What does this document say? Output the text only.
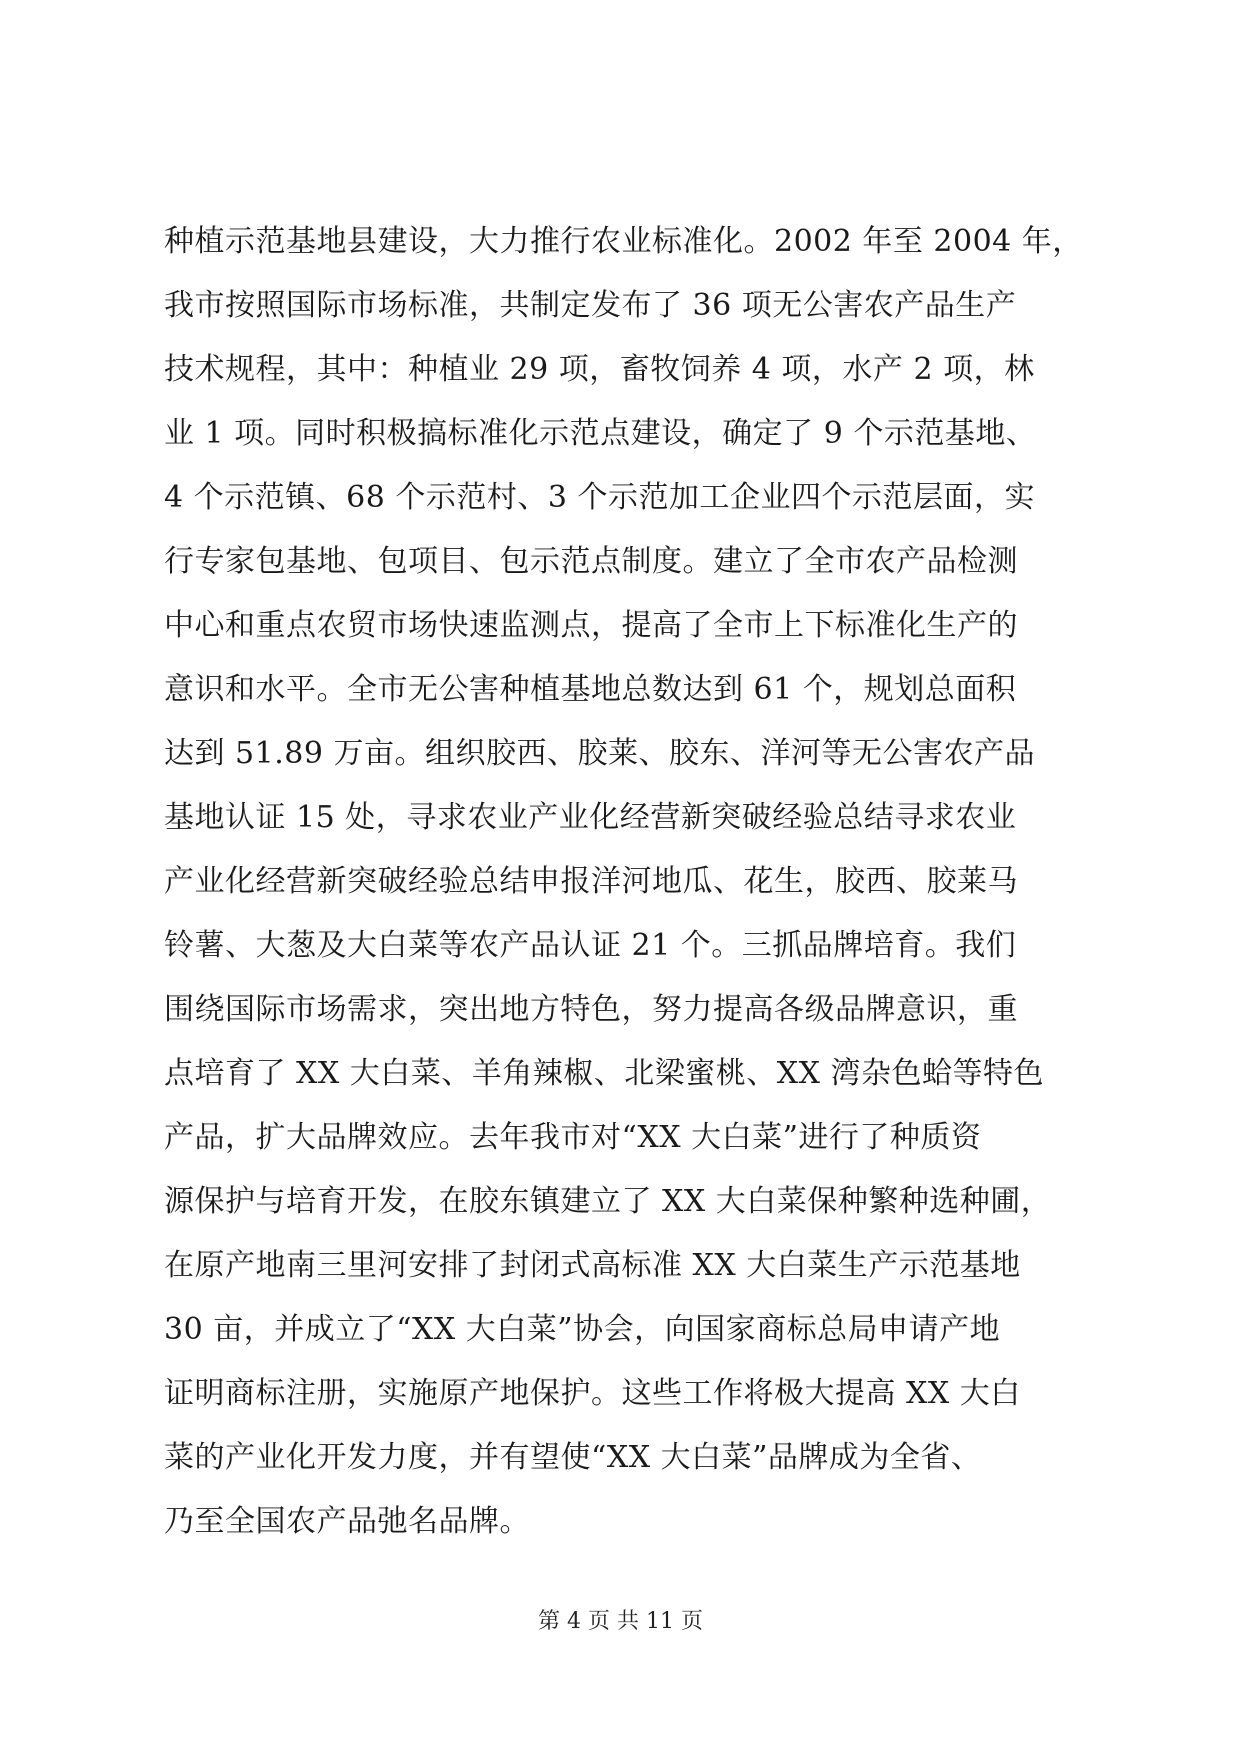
种植示范基地县建设，大力推行农业标准化。2002 年至 2004 年，
我市按照国际市场标准，共制定发布了 36 项无公害农产品生产
技术规程，其中：种植业 29 项，畜牧饲养 4 项，水产 2 项，林
业 1 项。同时积极搞标准化示范点建设，确定了 9 个示范基地、
4 个示范镇、68 个示范村、3 个示范加工企业四个示范层面，实
行专家包基地、包项目、包示范点制度。建立了全市农产品检测
中心和重点农贸市场快速监测点，提高了全市上下标准化生产的
意识和水平。全市无公害种植基地总数达到 61 个，规划总面积
达到 51.89 万亩。组织胶西、胶莱、胶东、洋河等无公害农产品
基地认证 15 处，寻求农业产业化经营新突破经验总结寻求农业
产业化经营新突破经验总结申报洋河地瓜、花生，胶西、胶莱马
铃薯、大葱及大白菜等农产品认证 21 个。三抓品牌培育。我们
围绕国际市场需求，突出地方特色，努力提高各级品牌意识，重
点培育了 XX 大白菜、羊角辣椒、北梁蜜桃、XX 湾杂色蛤等特色
产品，扩大品牌效应。去年我市对“XX 大白菜”进行了种质资
源保护与培育开发，在胶东镇建立了 XX 大白菜保种繁种选种圃，
在原产地南三里河安排了封闭式高标准 XX 大白菜生产示范基地
30 亩，并成立了“XX 大白菜”协会，向国家商标总局申请产地
证明商标注册，实施原产地保护。这些工作将极大提高 XX 大白
菜的产业化开发力度，并有望使“XX 大白菜”品牌成为全省、
乃至全国农产品弛名品牌。
第 4 页 共 11 页
